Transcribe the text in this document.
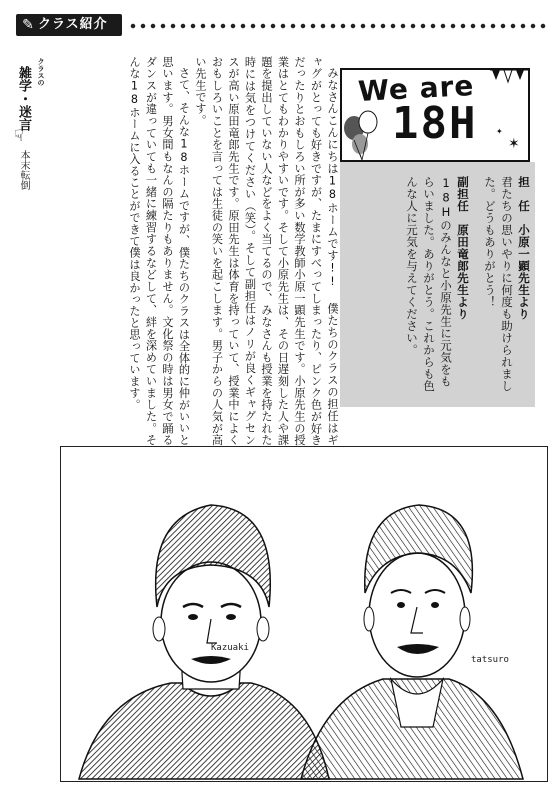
✎ クラス紹介
クラスの
雑学・迷言
☟
本末転倒	みなさんこんにちは18ホームです!! 僕たちのクラスの担任はギャグがとっても好きですが、たまにすべってしまったり、ピンク色が好きだったりとおもしろい所が多い数学教師小原一顕先生です。小原先生の授業はとてもわかりやすいです。そして小原先生は、その日遅刻した人や課題を提出していない人などをよく当てるので、みなさんも授業を持たれた時には気をつけてください（笑）。そして副担任はノリが良くギャグセンスが高い原田竜郎先生です。原田先生は体育を持っていて、授業中によくおもしろいことを言っては生徒の笑いを起こします。男子からの人気が高い先生です。

さて、そんな18ホームですが、僕たちのクラスは全体的に仲がいいと思います。男女間もなんの隔たりもありません。文化祭の時は男女で踊るダンスが違っていても一緒に練習するなどして、絆を深めていました。そんな18ホームに入ることができて僕は良かったと思っています。	✶
✦
We are
18H

担　任　小原一顕先生より

君たちの思いやりに何度も助けられました。どうもありがとう！

副担任　原田竜郎先生より

18Hのみんなと小原先生に元気をもらいました。ありがとう。これからも色んな人に元気を与えてください。

Kazuaki
tatsuro
